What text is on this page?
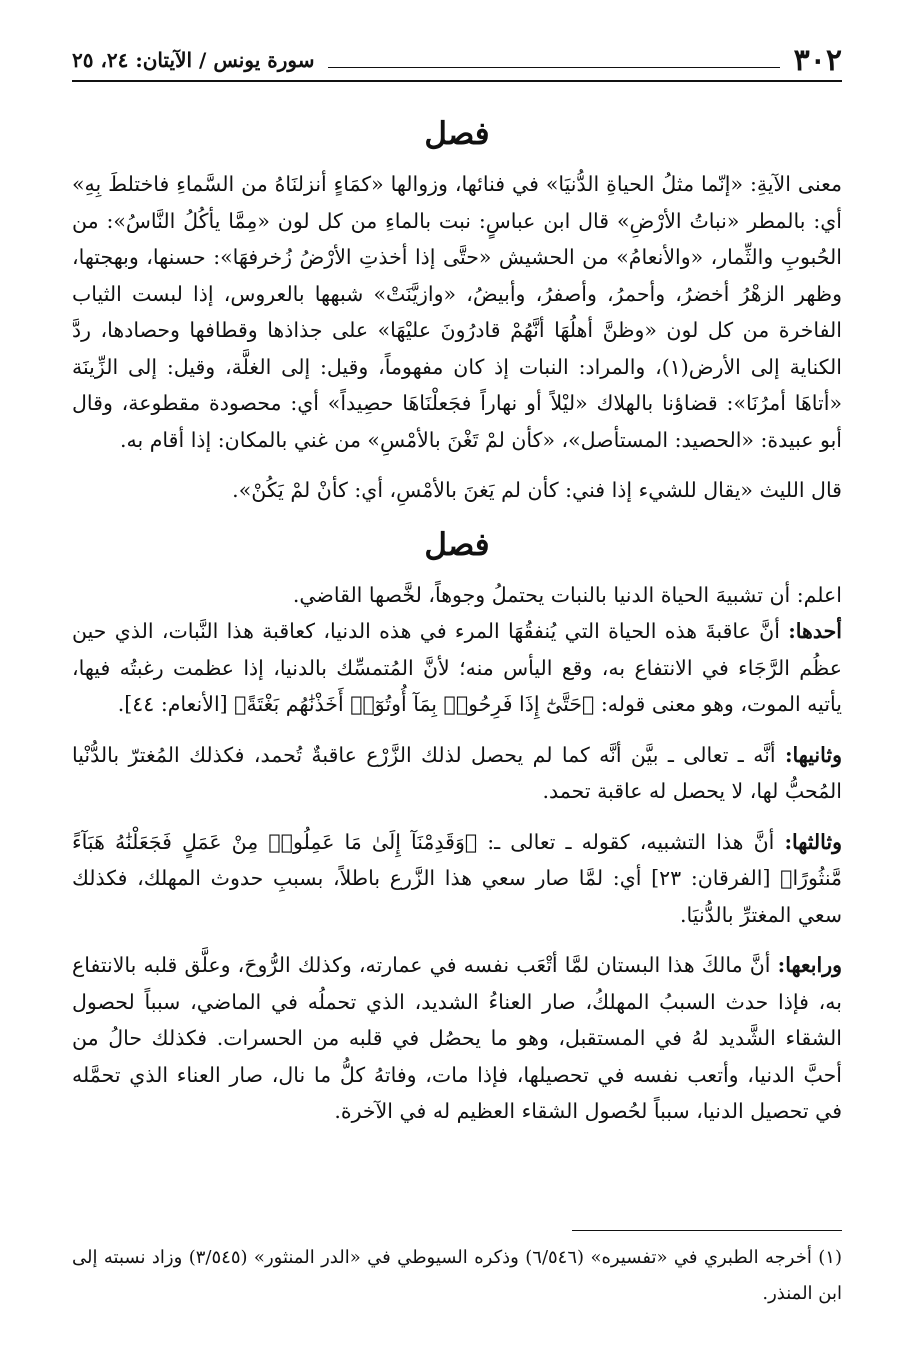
٣٠٢
سورة يونس / الآيتان: ٢٤، ٢٥
فصل

معنى الآيةِ: «إنّما مثلُ الحياةِ الدُّنيَا» في فنائها، وزوالها «كمَاءٍ أنزلنَاهُ من السَّماءِ فاختلطَ بِهِ» أي: بالمطر «نباتُ الأرْضِ» قال ابن عباسٍ: نبت بالماءِ من كل لون «مِمَّا يأكُلُ النَّاسُ»: من الحُبوبِ والثِّمار، «والأنعامُ» من الحشيش «حتَّى إذا أخذتِ الأرْضُ زُخرفهَا»: حسنها، وبهجتها، وظهر الزهْرُ أخضرُ، وأحمرُ، وأصفرُ، وأبيضُ، «وازيَّنَتْ» شبهها بالعروس، إذا لبست الثياب الفاخرة من كل لون «وظنَّ أهلُهَا أنَّهُمْ قادرُونَ عليْهَا» على جذاذها وقطافها وحصادها، ردَّ الكناية إلى الأرض(١)، والمراد: النبات إذ كان مفهوماً، وقيل: إلى الغلَّة، وقيل: إلى الزِّينَة «أتاهَا أمرُنَا»: قضاؤنا بالهلاك «ليْلاً أو نهاراً فجَعلْنَاهَا حصِيداً» أي: محصودة مقطوعة، وقال أبو عبيدة: «الحصيد: المستأصل»، «كأن لمْ تَغْنَ بالأمْسِ» من غني بالمكان: إذا أقام به.

قال الليث «يقال للشيء إذا فني: كأن لم يَغنَ بالأمْسِ، أي: كأنْ لمْ يَكُنْ».

فصل

اعلم: أن تشبيهَ الحياة الدنيا بالنبات يحتملُ وجوهاً، لخَّصها القاضي.

أحدها: أنَّ عاقبةَ هذه الحياة التي يُنفقُهَا المرء في هذه الدنيا، كعاقبة هذا النَّبات، الذي حين عظُم الرَّجَاء في الانتفاع به، وقع اليأس منه؛ لأنَّ المُتمسِّك بالدنيا، إذا عظمت رغبتُه فيها، يأتيه الموت، وهو معنى قوله: ﴿حَتَّىٰٓ إِذَا فَرِحُوا۟ بِمَآ أُوتُوٓا۟ أَخَذْنَٰهُم بَغْتَةً﴾ [الأنعام: ٤٤].

وثانيها: أنَّه ـ تعالى ـ بيَّن أنَّه كما لم يحصل لذلك الزَّرْع عاقبةٌ تُحمد، فكذلك المُغترّ بالدُّنْيا المُحبُّ لها، لا يحصل له عاقبة تحمد.

وثالثها: أنَّ هذا التشبيه، كقوله ـ تعالى ـ: ﴿وَقَدِمْنَآ إِلَىٰ مَا عَمِلُوا۟ مِنْ عَمَلٍ فَجَعَلْنَٰهُ هَبَآءً مَّنثُورًا﴾ [الفرقان: ٢٣] أي: لمَّا صار سعي هذا الزَّرع باطلاً، بسببِ حدوث المهلك، فكذلك سعي المغترِّ بالدُّنيَا.

ورابعها: أنَّ مالكَ هذا البستان لمَّا أتْعَب نفسه في عمارته، وكذلك الرُّوحَ، وعلَّق قلبه بالانتفاع به، فإذا حدث السببُ المهلكُ، صار العناءُ الشديد، الذي تحملُه في الماضي، سبباً لحصول الشقاء الشَّديد لهُ في المستقبل، وهو ما يحصُل في قلبه من الحسرات. فكذلك حالُ من أحبَّ الدنيا، وأتعب نفسه في تحصيلها، فإذا مات، وفاتهُ كلُّ ما نال، صار العناء الذي تحمَّله في تحصيل الدنيا، سبباً لحُصول الشقاء العظيم له في الآخرة.

(١) أخرجه الطبري في «تفسيره» (٦/٥٤٦) وذكره السيوطي في «الدر المنثور» (٣/٥٤٥) وزاد نسبته إلى ابن المنذر.
